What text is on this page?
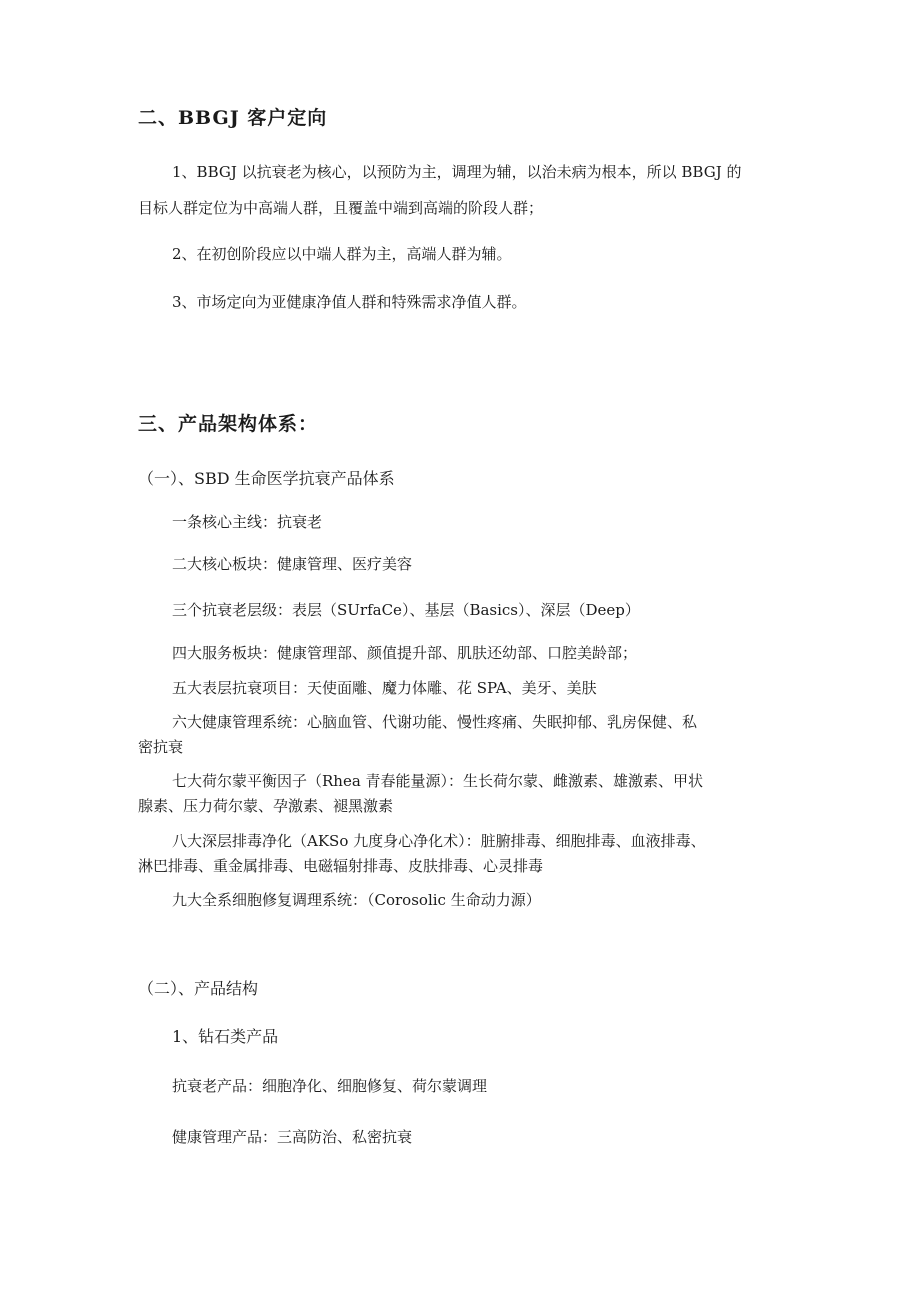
二、BBGJ 客户定向
1、BBGJ 以抗衰老为核心，以预防为主，调理为辅，以治未病为根本，所以 BBGJ 的
目标人群定位为中高端人群，且覆盖中端到高端的阶段人群；
2、在初创阶段应以中端人群为主，高端人群为辅。
3、市场定向为亚健康净值人群和特殊需求净值人群。
三、产品架构体系：
（一）、SBD 生命医学抗衰产品体系
一条核心主线：抗衰老
二大核心板块：健康管理、医疗美容
三个抗衰老层级：表层（SUrfaCe）、基层（Basics）、深层（Deep）
四大服务板块：健康管理部、颜值提升部、肌肤还幼部、口腔美龄部；
五大表层抗衰项目：天使面雕、魔力体雕、花 SPA、美牙、美肤
六大健康管理系统：心脑血管、代谢功能、慢性疼痛、失眠抑郁、乳房保健、私
密抗衰
七大荷尔蒙平衡因子（Rhea 青春能量源）：生长荷尔蒙、雌激素、雄激素、甲状
腺素、压力荷尔蒙、孕激素、褪黑激素
八大深层排毒净化（AKSo 九度身心净化术）：脏腑排毒、细胞排毒、血液排毒、
淋巴排毒、重金属排毒、电磁辐射排毒、皮肤排毒、心灵排毒
九大全系细胞修复调理系统：（Corosolic 生命动力源）
（二）、产品结构
1、钻石类产品
抗衰老产品：细胞净化、细胞修复、荷尔蒙调理
健康管理产品：三高防治、私密抗衰
